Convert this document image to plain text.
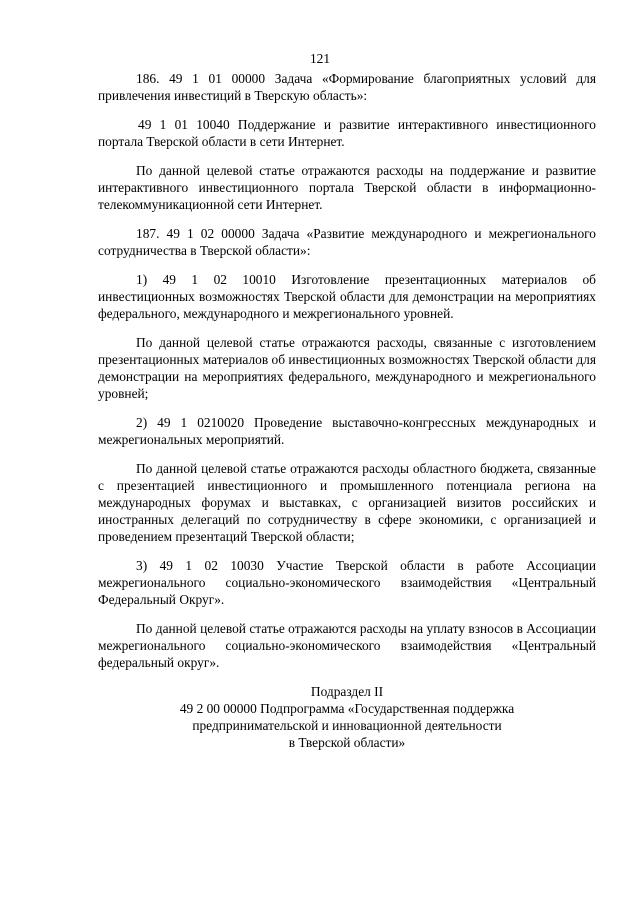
121

186. 49 1 01 00000 Задача «Формирование благоприятных условий для привлечения инвестиций в Тверскую область»:

49 1 01 10040 Поддержание и развитие интерактивного инвестиционного портала Тверской области в сети Интернет.

По данной целевой статье отражаются расходы на поддержание и развитие интерактивного инвестиционного портала Тверской области в информационно-телекоммуникационной сети Интернет.

187. 49 1 02 00000 Задача «Развитие международного и межрегионального сотрудничества в Тверской области»:

1) 49 1 02 10010 Изготовление презентационных материалов об инвестиционных возможностях Тверской области для демонстрации на мероприятиях федерального, международного и межрегионального уровней.

По данной целевой статье отражаются расходы, связанные с изготовлением презентационных материалов об инвестиционных возможностях Тверской области для демонстрации на мероприятиях федерального, международного и межрегионального уровней;

2) 49 1 0210020 Проведение выставочно-конгрессных международных и межрегиональных мероприятий.

По данной целевой статье отражаются расходы областного бюджета, связанные с презентацией инвестиционного и промышленного потенциала региона на международных форумах и выставках, с организацией визитов российских и иностранных делегаций по сотрудничеству в сфере экономики, с организацией и проведением презентаций Тверской области;

3) 49 1 02 10030 Участие Тверской области в работе Ассоциации межрегионального социально-экономического взаимодействия «Центральный Федеральный Округ».

По данной целевой статье отражаются расходы на уплату взносов в Ассоциации межрегионального социально-экономического взаимодействия «Центральный федеральный округ».

Подраздел II
49 2 00 00000 Подпрограмма «Государственная поддержка
предпринимательской и инновационной деятельности
в Тверской области»
